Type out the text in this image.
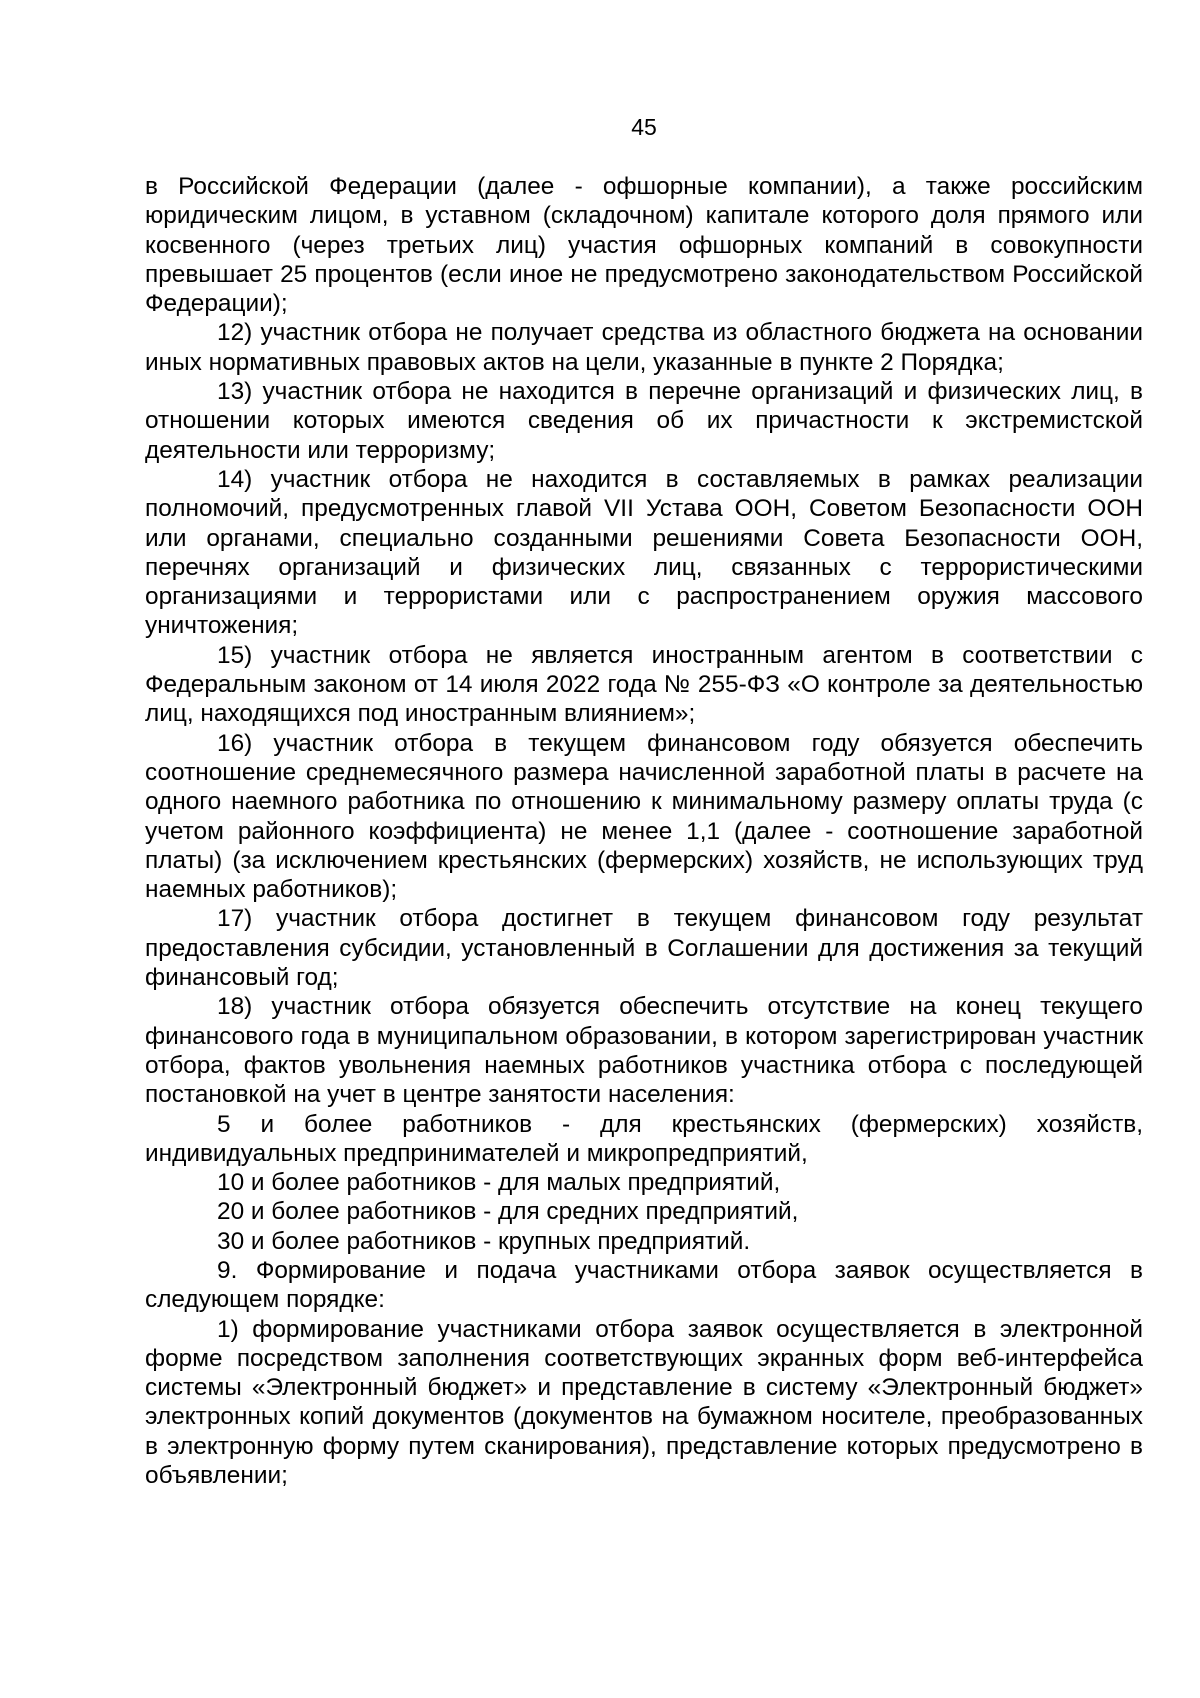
45

в Российской Федерации (далее - офшорные компании), а также российским юридическим лицом, в уставном (складочном) капитале которого доля прямого или косвенного (через третьих лиц) участия офшорных компаний в совокупности превышает 25 процентов (если иное не предусмотрено законодательством Российской Федерации);

12) участник отбора не получает средства из областного бюджета на основании иных нормативных правовых актов на цели, указанные в пункте 2 Порядка;

13) участник отбора не находится в перечне организаций и физических лиц, в отношении которых имеются сведения об их причастности к экстремистской деятельности или терроризму;

14) участник отбора не находится в составляемых в рамках реализации полномочий, предусмотренных главой VII Устава ООН, Советом Безопасности ООН или органами, специально созданными решениями Совета Безопасности ООН, перечнях организаций и физических лиц, связанных с террористическими организациями и террористами или с распространением оружия массового уничтожения;

15) участник отбора не является иностранным агентом в соответствии с Федеральным законом от 14 июля 2022 года № 255-ФЗ «О контроле за деятельностью лиц, находящихся под иностранным влиянием»;

16) участник отбора в текущем финансовом году обязуется обеспечить соотношение среднемесячного размера начисленной заработной платы в расчете на одного наемного работника по отношению к минимальному размеру оплаты труда (с учетом районного коэффициента) не менее 1,1 (далее - соотношение заработной платы) (за исключением крестьянских (фермерских) хозяйств, не использующих труд наемных работников);

17) участник отбора достигнет в текущем финансовом году результат предоставления субсидии, установленный в Соглашении для достижения за текущий финансовый год;

18) участник отбора обязуется обеспечить отсутствие на конец текущего финансового года в муниципальном образовании, в котором зарегистрирован участник отбора, фактов увольнения наемных работников участника отбора с последующей постановкой на учет в центре занятости населения:

5 и более работников - для крестьянских (фермерских) хозяйств, индивидуальных предпринимателей и микропредприятий,

10 и более работников - для малых предприятий,

20 и более работников - для средних предприятий,

30 и более работников - крупных предприятий.

9. Формирование и подача участниками отбора заявок осуществляется в следующем порядке:

1) формирование участниками отбора заявок осуществляется в электронной форме посредством заполнения соответствующих экранных форм веб-интерфейса системы «Электронный бюджет» и представление в систему «Электронный бюджет» электронных копий документов (документов на бумажном носителе, преобразованных в электронную форму путем сканирования), представление которых предусмотрено в объявлении;
